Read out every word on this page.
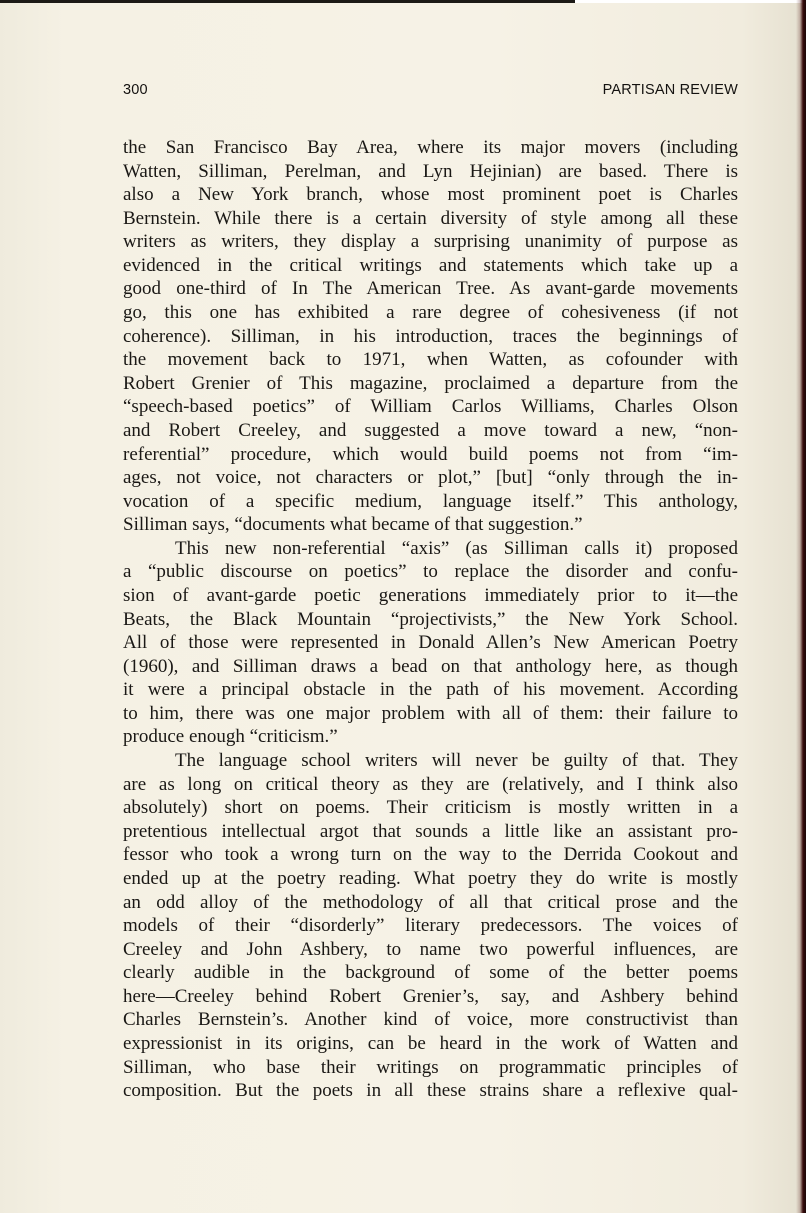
300	PARTISAN REVIEW
the San Francisco Bay Area, where its major movers (including
Watten, Silliman, Perelman, and Lyn Hejinian) are based. There is
also a New York branch, whose most prominent poet is Charles
Bernstein. While there is a certain diversity of style among all these
writers as writers, they display a surprising unanimity of purpose as
evidenced in the critical writings and statements which take up a
good one-third of In The American Tree. As avant-garde movements
go, this one has exhibited a rare degree of cohesiveness (if not
coherence). Silliman, in his introduction, traces the beginnings of
the movement back to 1971, when Watten, as cofounder with
Robert Grenier of This magazine, proclaimed a departure from the
“speech-based poetics” of William Carlos Williams, Charles Olson
and Robert Creeley, and suggested a move toward a new, “non-
referential” procedure, which would build poems not from “im-
ages, not voice, not characters or plot,” [but] “only through the in-
vocation of a specific medium, language itself.” This anthology,
Silliman says, “documents what became of that suggestion.”
This new non-referential “axis” (as Silliman calls it) proposed
a “public discourse on poetics” to replace the disorder and confu-
sion of avant-garde poetic generations immediately prior to it—the
Beats, the Black Mountain “projectivists,” the New York School.
All of those were represented in Donald Allen’s New American Poetry
(1960), and Silliman draws a bead on that anthology here, as though
it were a principal obstacle in the path of his movement. According
to him, there was one major problem with all of them: their failure to
produce enough “criticism.”
The language school writers will never be guilty of that. They
are as long on critical theory as they are (relatively, and I think also
absolutely) short on poems. Their criticism is mostly written in a
pretentious intellectual argot that sounds a little like an assistant pro-
fessor who took a wrong turn on the way to the Derrida Cookout and
ended up at the poetry reading. What poetry they do write is mostly
an odd alloy of the methodology of all that critical prose and the
models of their “disorderly” literary predecessors. The voices of
Creeley and John Ashbery, to name two powerful influences, are
clearly audible in the background of some of the better poems
here—Creeley behind Robert Grenier’s, say, and Ashbery behind
Charles Bernstein’s. Another kind of voice, more constructivist than
expressionist in its origins, can be heard in the work of Watten and
Silliman, who base their writings on programmatic principles of
composition. But the poets in all these strains share a reflexive qual-
